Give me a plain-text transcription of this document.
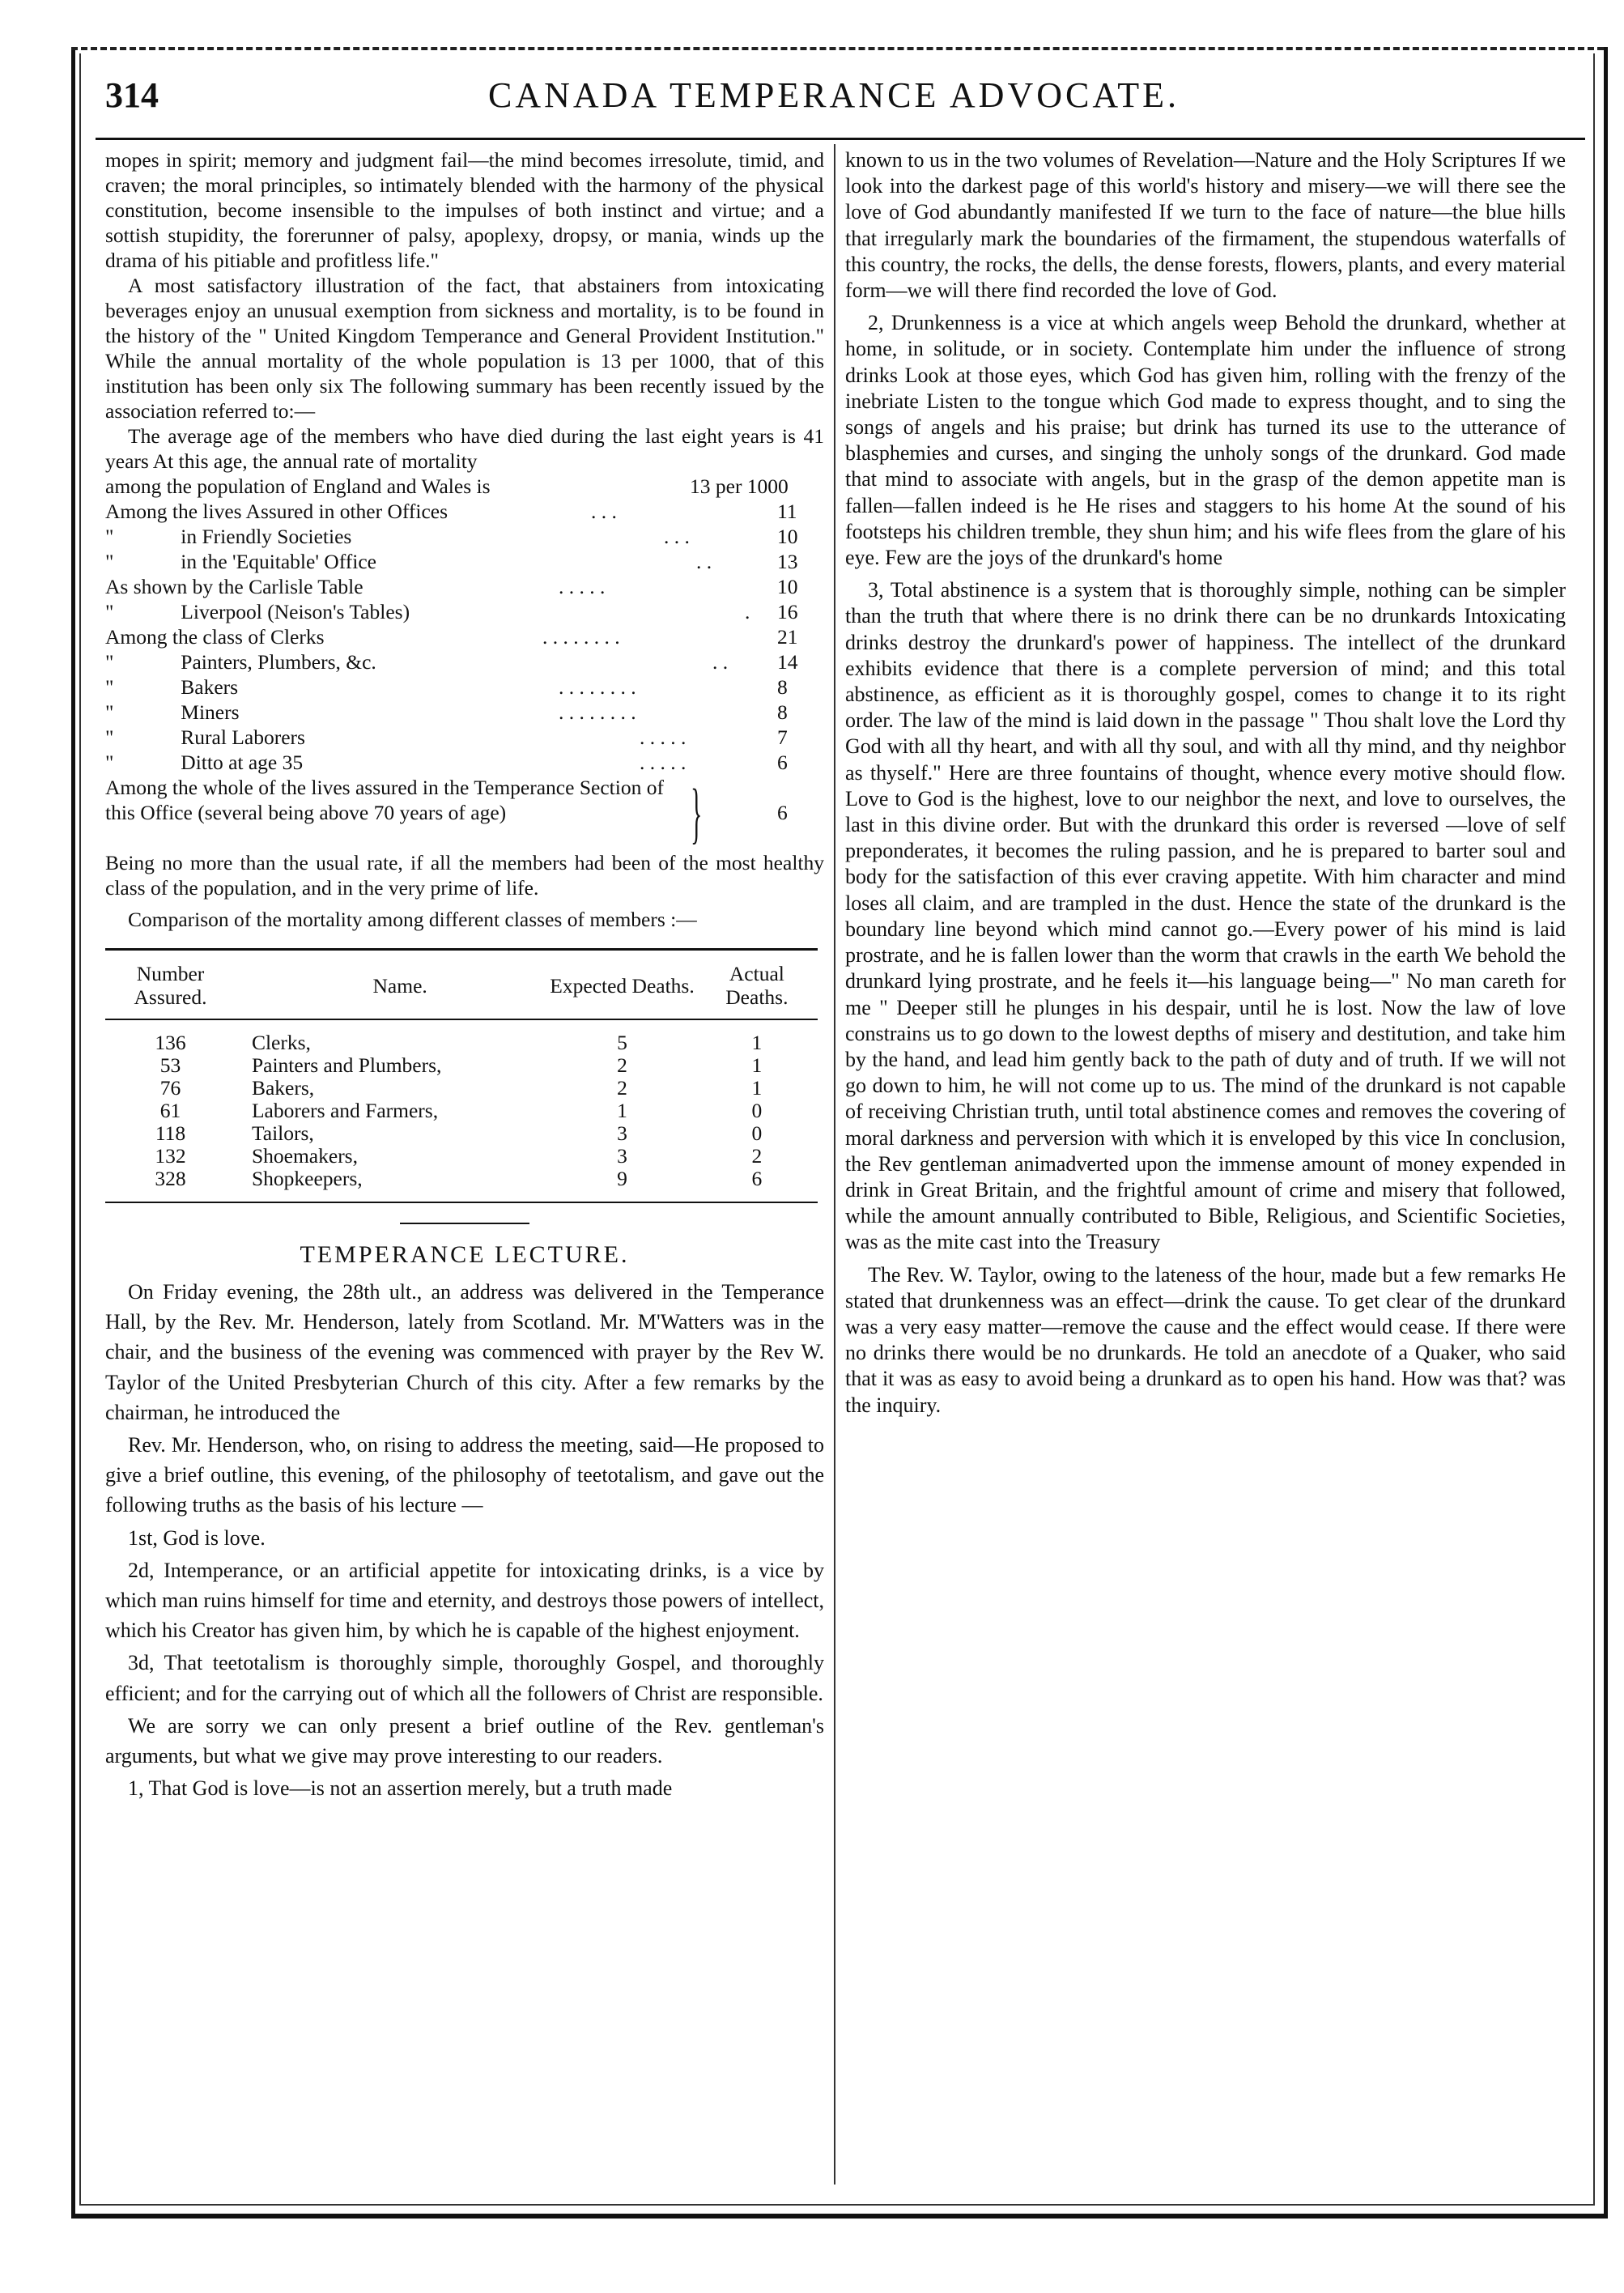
314	CANADA TEMPERANCE ADVOCATE.

mopes in spirit; memory and judgment fail—the mind becomes irresolute, timid, and craven; the moral principles, so intimately blended with the harmony of the physical constitution, become insensible to the impulses of both instinct and virtue; and a sottish stupidity, the forerunner of palsy, apoplexy, dropsy, or mania, winds up the drama of his pitiable and profitless life."

A most satisfactory illustration of the fact, that abstainers from intoxicating beverages enjoy an unusual exemption from sickness and mortality, is to be found in the history of the " United Kingdom Temperance and General Provident Institution." While the annual mortality of the whole population is 13 per 1000, that of this institution has been only six The following summary has been recently issued by the association referred to:—

The average age of the members who have died during the last eight years is 41 years At this age, the annual rate of mortality

among the population of England and Wales is	13 per 1000
Among the lives Assured in other Offices	. . .	11
"             in Friendly Societies	. . .	10
"             in the 'Equitable' Office	. .	13
As shown by the Carlisle Table	. . . . .	10
"             Liverpool (Neison's Tables)	. 16
Among the class of Clerks	. . . . . . . .	21
"             Painters, Plumbers, &c.	. . 14
"             Bakers	. . . . . . . .	8
"             Miners	. . . . . . . .	8
"             Rural Laborers	. . . . .	7
"             Ditto at age 35	. . . . .	6
Among the whole of the lives assured in the Temperance Section of this Office (several being above 70 years of age)	}	6

Being no more than the usual rate, if all the members had been of the most healthy class of the population, and in the very prime of life.

Comparison of the mortality among different classes of members :—

Number Assured.	Name.	Expected Deaths.	Actual Deaths.
136	Clerks,	5	1
53	Painters and Plumbers,	2	1
76	Bakers,	2	1
61	Laborers and Farmers,	1	0
118	Tailors,	3	0
132	Shoemakers,	3	2
328	Shopkeepers,	9	6
TEMPERANCE LECTURE.

On Friday evening, the 28th ult., an address was delivered in the Temperance Hall, by the Rev. Mr. Henderson, lately from Scotland. Mr. M'Watters was in the chair, and the business of the evening was commenced with prayer by the Rev W. Taylor of the United Presbyterian Church of this city. After a few remarks by the chairman, he introduced the

Rev. Mr. Henderson, who, on rising to address the meeting, said—He proposed to give a brief outline, this evening, of the philosophy of teetotalism, and gave out the following truths as the basis of his lecture —

1st, God is love.

2d, Intemperance, or an artificial appetite for intoxicating drinks, is a vice by which man ruins himself for time and eternity, and destroys those powers of intellect, which his Creator has given him, by which he is capable of the highest enjoyment.

3d, That teetotalism is thoroughly simple, thoroughly Gospel, and thoroughly efficient; and for the carrying out of which all the followers of Christ are responsible.

We are sorry we can only present a brief outline of the Rev. gentleman's arguments, but what we give may prove interesting to our readers.

1, That God is love—is not an assertion merely, but a truth made

known to us in the two volumes of Revelation—Nature and the Holy Scriptures If we look into the darkest page of this world's history and misery—we will there see the love of God abundantly manifested If we turn to the face of nature—the blue hills that irregularly mark the boundaries of the firmament, the stupendous waterfalls of this country, the rocks, the dells, the dense forests, flowers, plants, and every material form—we will there find recorded the love of God.

2, Drunkenness is a vice at which angels weep Behold the drunkard, whether at home, in solitude, or in society. Contemplate him under the influence of strong drinks Look at those eyes, which God has given him, rolling with the frenzy of the inebriate Listen to the tongue which God made to express thought, and to sing the songs of angels and his praise; but drink has turned its use to the utterance of blasphemies and curses, and singing the unholy songs of the drunkard. God made that mind to associate with angels, but in the grasp of the demon appetite man is fallen—fallen indeed is he He rises and staggers to his home At the sound of his footsteps his children tremble, they shun him; and his wife flees from the glare of his eye. Few are the joys of the drunkard's home

3, Total abstinence is a system that is thoroughly simple, nothing can be simpler than the truth that where there is no drink there can be no drunkards Intoxicating drinks destroy the drunkard's power of happiness. The intellect of the drunkard exhibits evidence that there is a complete perversion of mind; and this total abstinence, as efficient as it is thoroughly gospel, comes to change it to its right order. The law of the mind is laid down in the passage " Thou shalt love the Lord thy God with all thy heart, and with all thy soul, and with all thy mind, and thy neighbor as thyself." Here are three fountains of thought, whence every motive should flow. Love to God is the highest, love to our neighbor the next, and love to ourselves, the last in this divine order. But with the drunkard this order is reversed —love of self preponderates, it becomes the ruling passion, and he is prepared to barter soul and body for the satisfaction of this ever craving appetite. With him character and mind loses all claim, and are trampled in the dust. Hence the state of the drunkard is the boundary line beyond which mind cannot go.—Every power of his mind is laid prostrate, and he is fallen lower than the worm that crawls in the earth We behold the drunkard lying prostrate, and he feels it—his language being—" No man careth for me " Deeper still he plunges in his despair, until he is lost. Now the law of love constrains us to go down to the lowest depths of misery and destitution, and take him by the hand, and lead him gently back to the path of duty and of truth. If we will not go down to him, he will not come up to us. The mind of the drunkard is not capable of receiving Christian truth, until total abstinence comes and removes the covering of moral darkness and perversion with which it is enveloped by this vice In conclusion, the Rev gentleman animadverted upon the immense amount of money expended in drink in Great Britain, and the frightful amount of crime and misery that followed, while the amount annually contributed to Bible, Religious, and Scientific Societies, was as the mite cast into the Treasury

The Rev. W. Taylor, owing to the lateness of the hour, made but a few remarks He stated that drunkenness was an effect—drink the cause. To get clear of the drunkard was a very easy matter—remove the cause and the effect would cease. If there were no drinks there would be no drunkards. He told an anecdote of a Quaker, who said that it was as easy to avoid being a drunkard as to open his hand. How was that? was the inquiry.
